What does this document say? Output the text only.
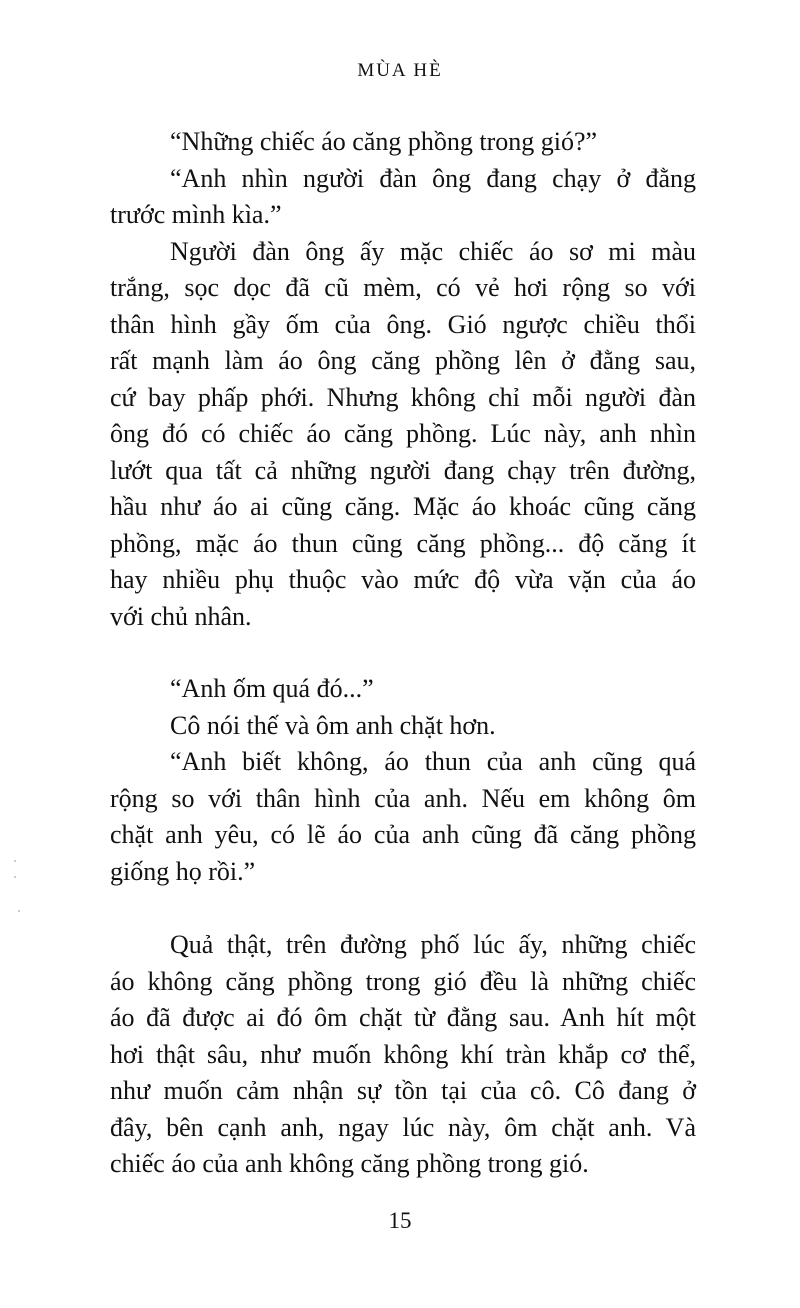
MÙA HÈ
“Những chiếc áo căng phồng trong gió?”
“Anh nhìn người đàn ông đang chạy ở đằng
trước mình kìa.”
Người đàn ông ấy mặc chiếc áo sơ mi màu
trắng, sọc dọc đã cũ mèm, có vẻ hơi rộng so với
thân hình gầy ốm của ông. Gió ngược chiều thổi
rất mạnh làm áo ông căng phồng lên ở đằng sau,
cứ bay phấp phới. Nhưng không chỉ mỗi người đàn
ông đó có chiếc áo căng phồng. Lúc này, anh nhìn
lướt qua tất cả những người đang chạy trên đường,
hầu như áo ai cũng căng. Mặc áo khoác cũng căng
phồng, mặc áo thun cũng căng phồng... độ căng ít
hay nhiều phụ thuộc vào mức độ vừa vặn của áo
với chủ nhân.
“Anh ốm quá đó...”
Cô nói thế và ôm anh chặt hơn.
“Anh biết không, áo thun của anh cũng quá
rộng so với thân hình của anh. Nếu em không ôm
chặt anh yêu, có lẽ áo của anh cũng đã căng phồng
giống họ rồi.”
Quả thật, trên đường phố lúc ấy, những chiếc
áo không căng phồng trong gió đều là những chiếc
áo đã được ai đó ôm chặt từ đằng sau. Anh hít một
hơi thật sâu, như muốn không khí tràn khắp cơ thể,
như muốn cảm nhận sự tồn tại của cô. Cô đang ở
đây, bên cạnh anh, ngay lúc này, ôm chặt anh. Và
chiếc áo của anh không căng phồng trong gió.
15
